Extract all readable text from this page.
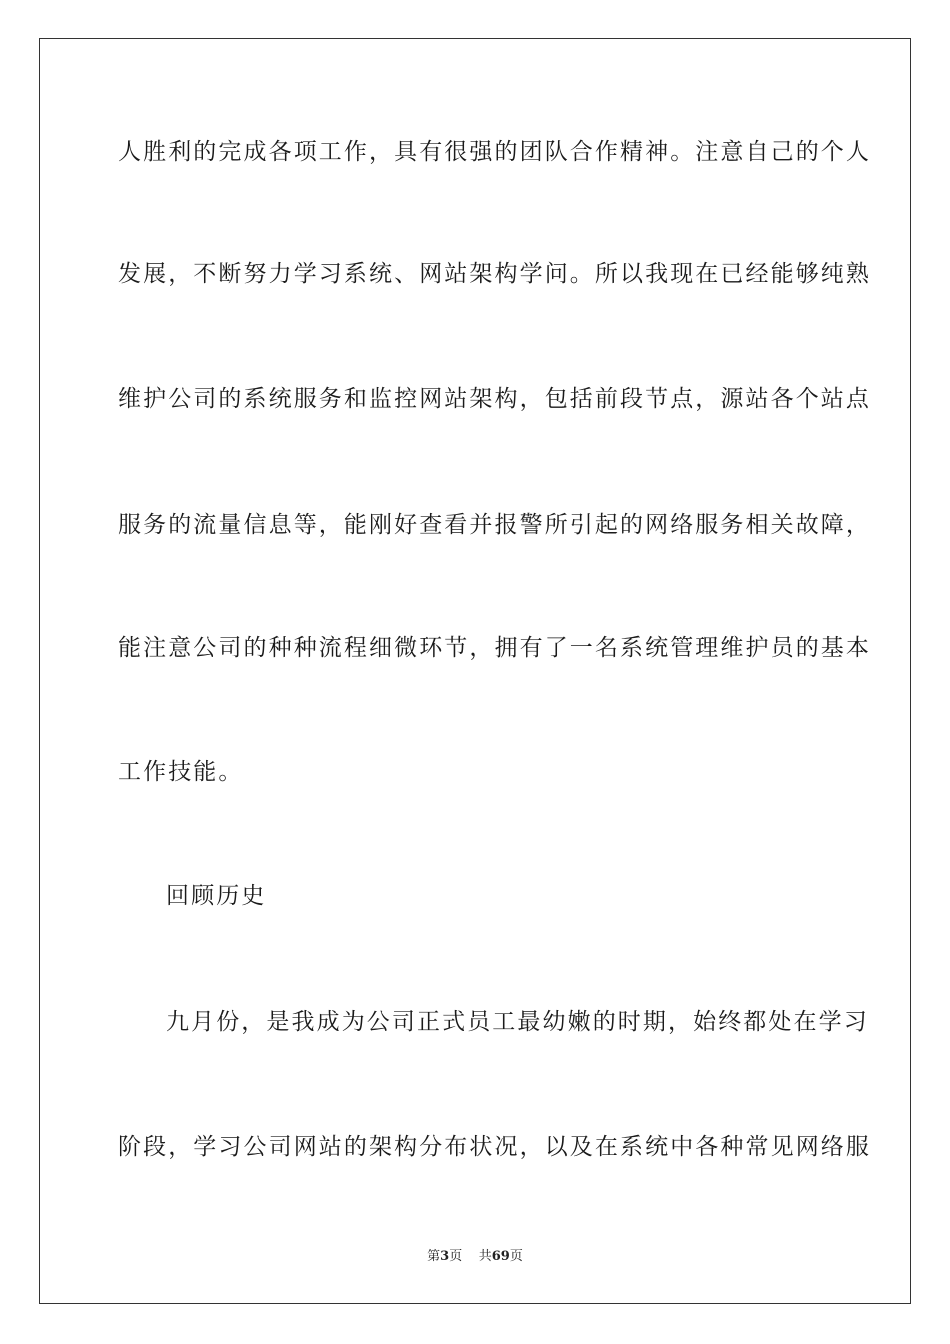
人胜利的完成各项工作，具有很强的团队合作精神。注意自己的个人
发展，不断努力学习系统、网站架构学问。所以我现在已经能够纯熟
维护公司的系统服务和监控网站架构，包括前段节点，源站各个站点
服务的流量信息等，能刚好查看并报警所引起的网络服务相关故障，
能注意公司的种种流程细微环节，拥有了一名系统管理维护员的基本
工作技能。
回顾历史
九月份，是我成为公司正式员工最幼嫩的时期，始终都处在学习
阶段，学习公司网站的架构分布状况，以及在系统中各种常见网络服
第3页 共69页
